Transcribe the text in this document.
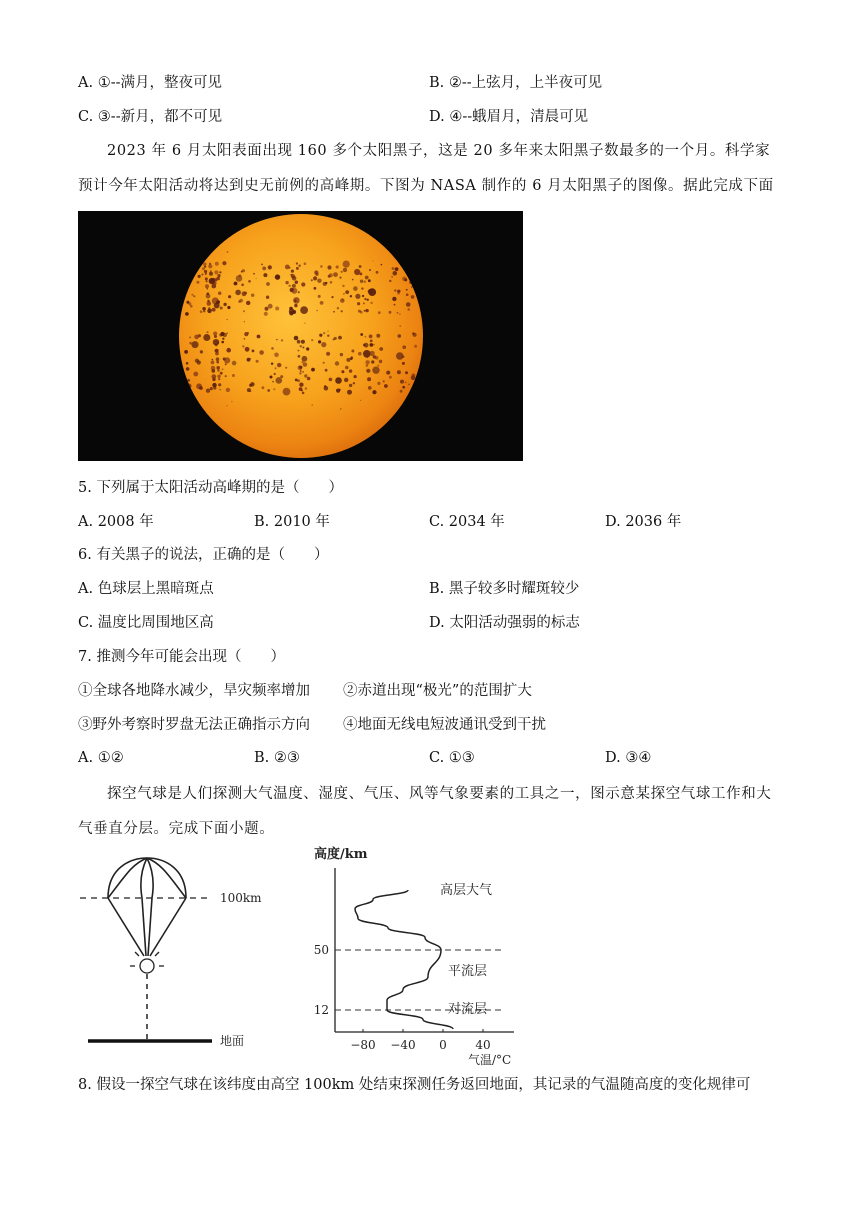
A. ①--满月，整夜可见	B. ②--上弦月，上半夜可见
C. ③--新月，都不可见	D. ④--蛾眉月，清晨可见
2023 年 6 月太阳表面出现 160 多个太阳黑子，这是 20 多年来太阳黑子数最多的一个月。科学家预计今年太阳活动将达到史无前例的高峰期。下图为 NASA 制作的 6 月太阳黑子的图像。据此完成下面
5. 下列属于太阳活动高峰期的是（　　）
A. 2008 年	B. 2010 年	C. 2034 年	D. 2036 年
6. 有关黑子的说法，正确的是（　　）
A. 色球层上黑暗斑点	B. 黑子较多时耀斑较少
C. 温度比周围地区高	D. 太阳活动强弱的标志
7. 推测今年可能会出现（　　）
①全球各地降水减少，旱灾频率增加 ②赤道出现“极光”的范围扩大
③野外考察时罗盘无法正确指示方向 ④地面无线电短波通讯受到干扰
A. ①②	B. ②③	C. ①③	D. ③④
探空气球是人们探测大气温度、湿度、气压、风等气象要素的工具之一，图示意某探空气球工作和大气垂直分层。完成下面小题。
100km
地面
高度/km
气温/°C
−80 −40 0 40
12
50
高层大气
平流层
对流层
8. 假设一探空气球在该纬度由高空 100km 处结束探测任务返回地面，其记录的气温随高度的变化规律可
